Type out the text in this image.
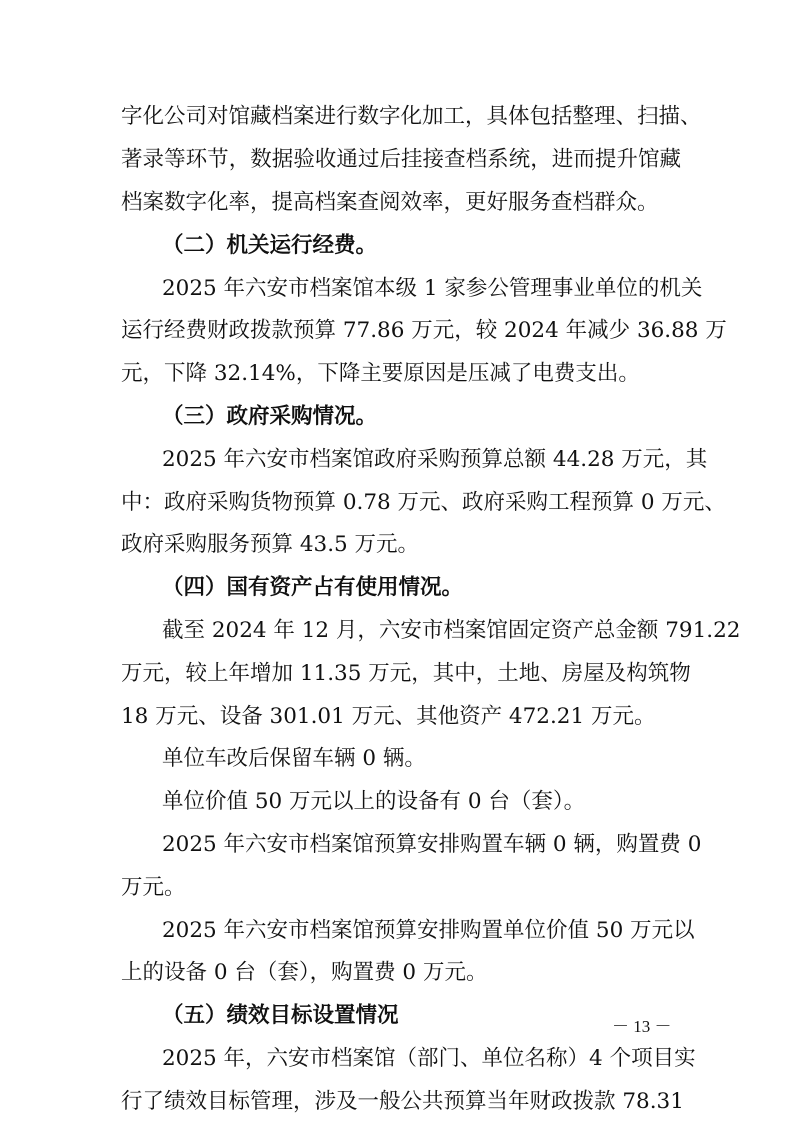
字化公司对馆藏档案进行数字化加工，具体包括整理、扫描、
著录等环节，数据验收通过后挂接查档系统，进而提升馆藏
档案数字化率，提高档案查阅效率，更好服务查档群众。
（二）机关运行经费。
2025 年六安市档案馆本级 1 家参公管理事业单位的机关
运行经费财政拨款预算 77.86 万元，较 2024 年减少 36.88 万
元，下降 32.14%，下降主要原因是压减了电费支出。
（三）政府采购情况。
2025 年六安市档案馆政府采购预算总额 44.28 万元，其
中：政府采购货物预算 0.78 万元、政府采购工程预算 0 万元、
政府采购服务预算 43.5 万元。
（四）国有资产占有使用情况。
截至 2024 年 12 月，六安市档案馆固定资产总金额 791.22
万元，较上年增加 11.35 万元，其中，土地、房屋及构筑物
18 万元、设备 301.01 万元、其他资产 472.21 万元。
单位车改后保留车辆 0 辆。
单位价值 50 万元以上的设备有 0 台（套）。
2025 年六安市档案馆预算安排购置车辆 0 辆，购置费 0
万元。
2025 年六安市档案馆预算安排购置单位价值 50 万元以
上的设备 0 台（套），购置费 0 万元。
（五）绩效目标设置情况
2025 年，六安市档案馆（部门、单位名称）4 个项目实
行了绩效目标管理，涉及一般公共预算当年财政拨款 78.31
－ 13 －
